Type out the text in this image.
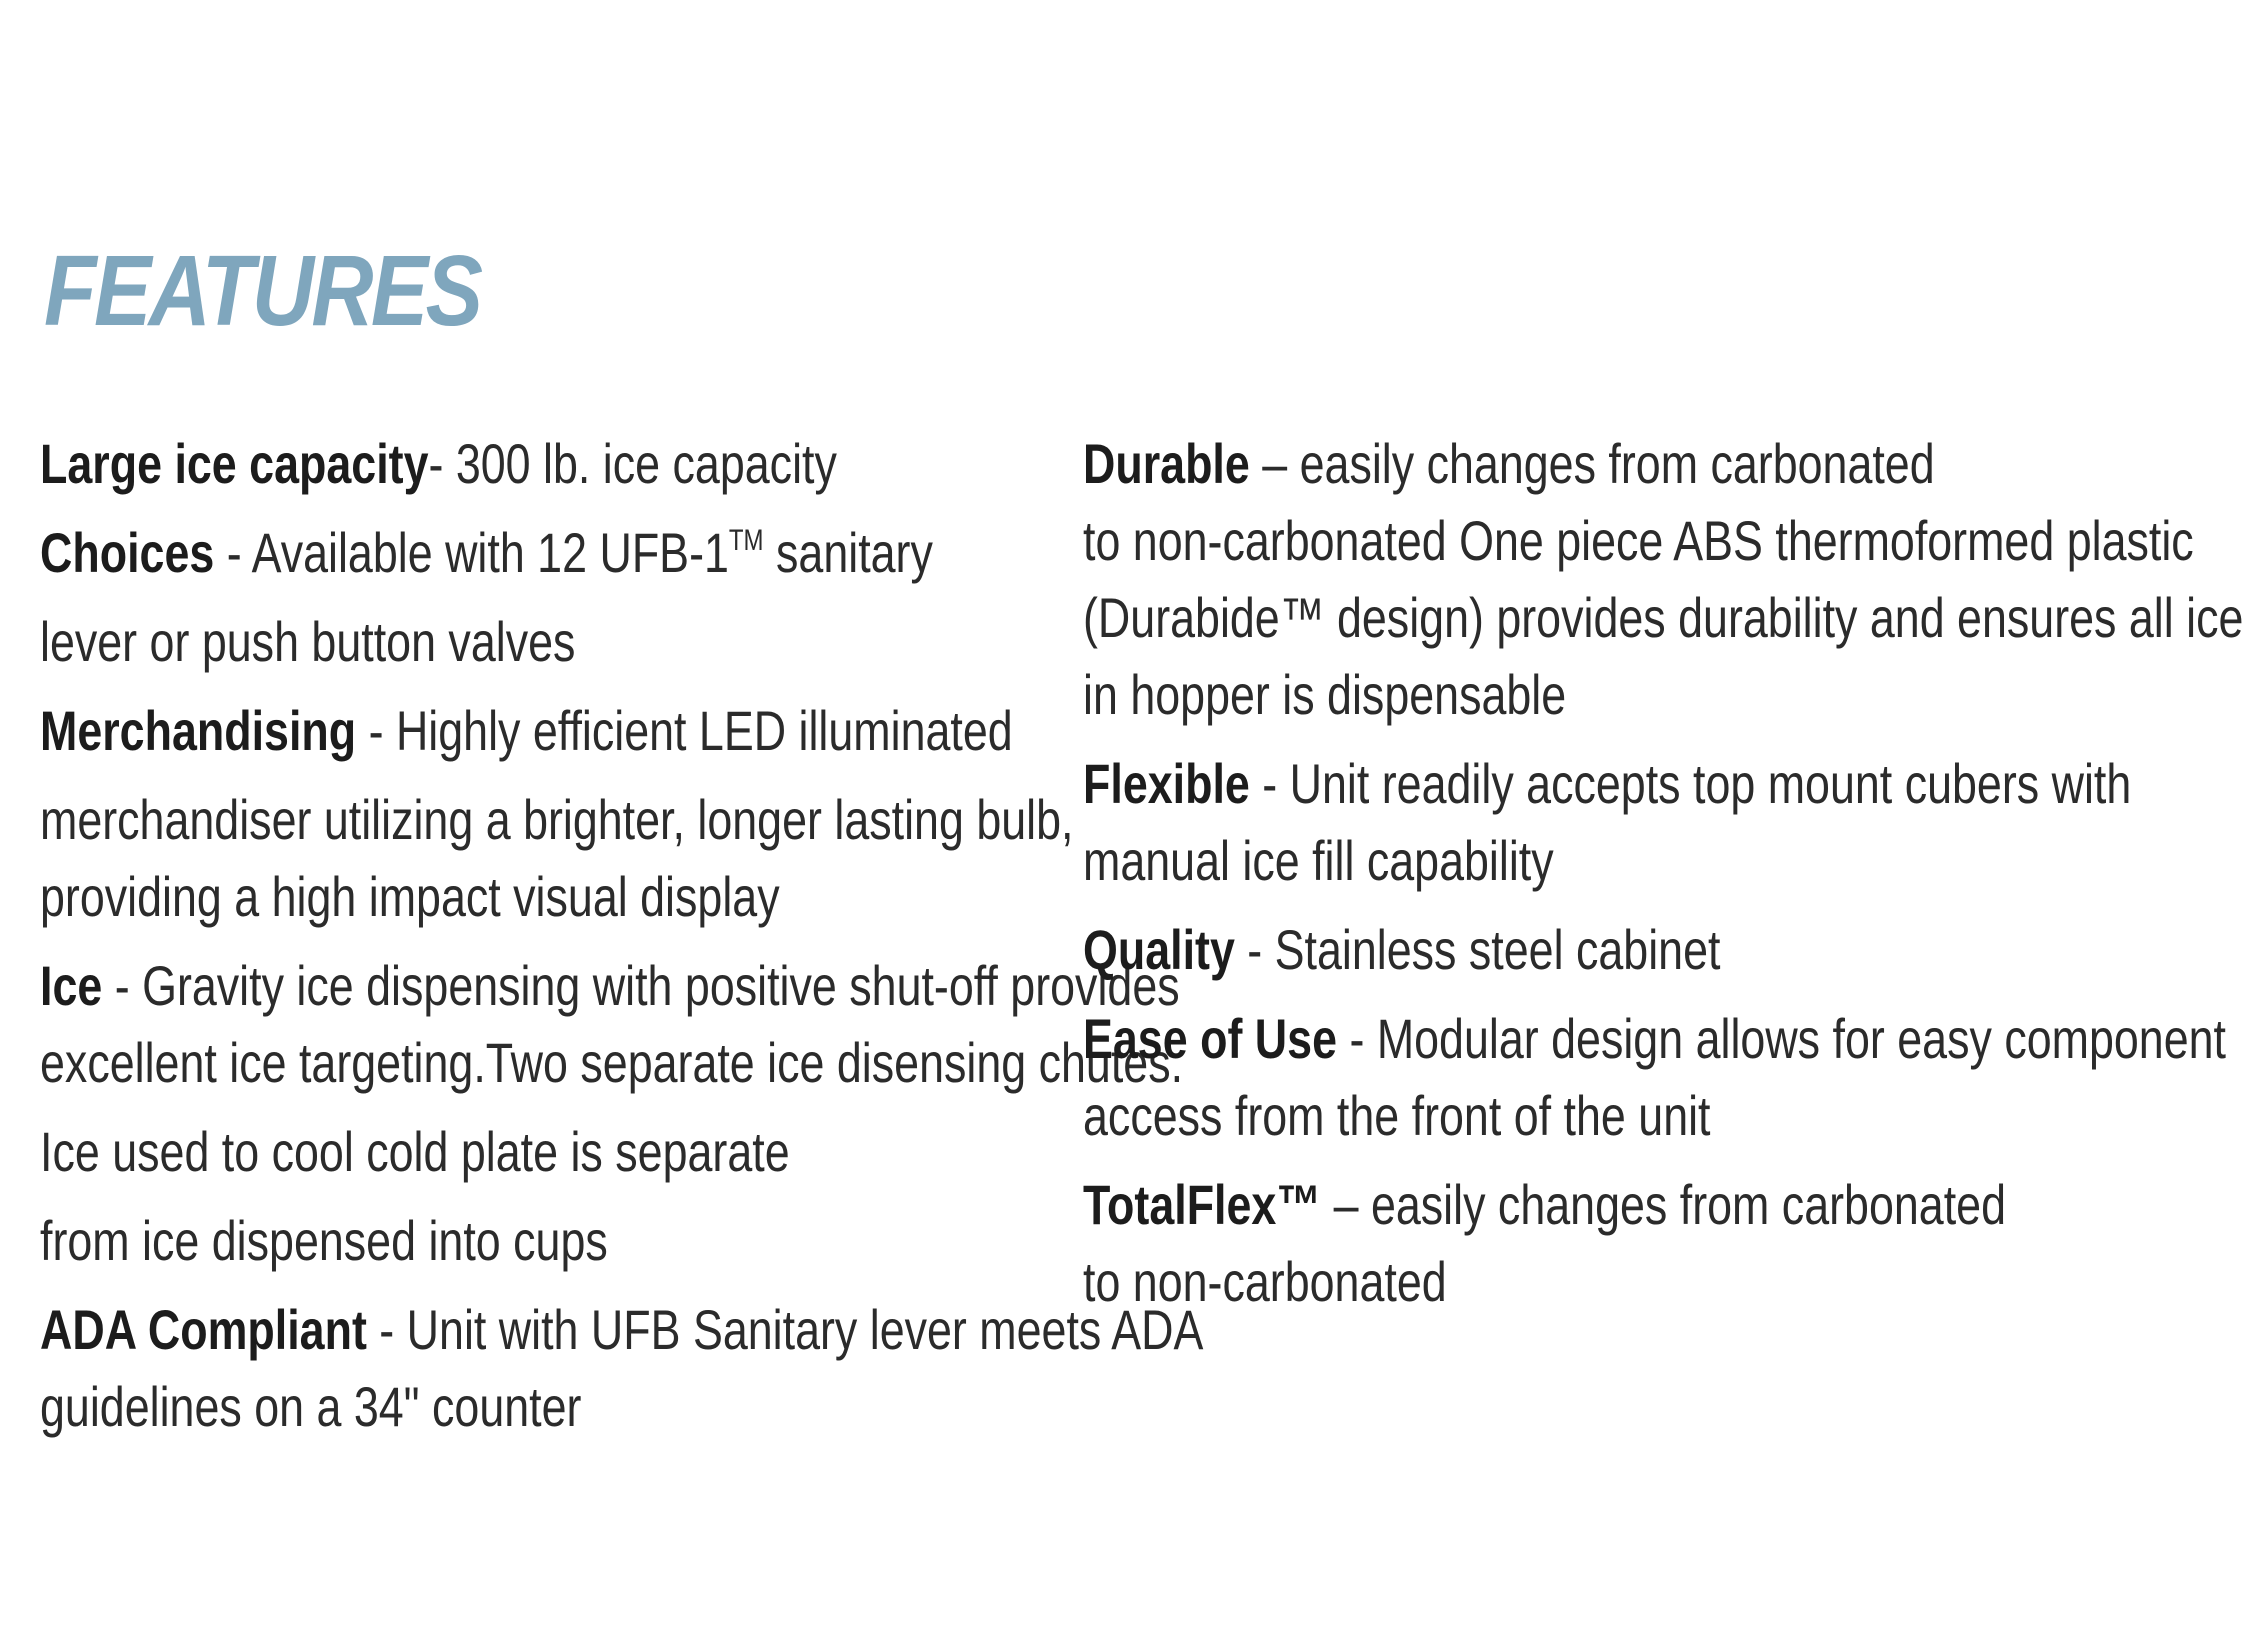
FEATURES
Large ice capacity- 300 lb. ice capacity
Choices - Available with 12 UFB-1™ sanitary
lever or push button valves
Merchandising - Highly efficient LED illuminated
merchandiser utilizing a brighter, longer lasting bulb,
providing a high impact visual display
Ice - Gravity ice dispensing with positive shut-off provides
excellent ice targeting.Two separate ice disensing chutes.
Ice used to cool cold plate is separate
from ice dispensed into cups
ADA Compliant - Unit with UFB Sanitary lever meets ADA
guidelines on a 34" counter
Durable – easily changes from carbonated
to non-carbonated One piece ABS thermoformed plastic
(Durabide™ design) provides durability and ensures all ice
in hopper is dispensable
Flexible - Unit readily accepts top mount cubers with
manual ice fill capability
Quality - Stainless steel cabinet
Ease of Use - Modular design allows for easy component
access from the front of the unit
TotalFlex™ – easily changes from carbonated
to non-carbonated
